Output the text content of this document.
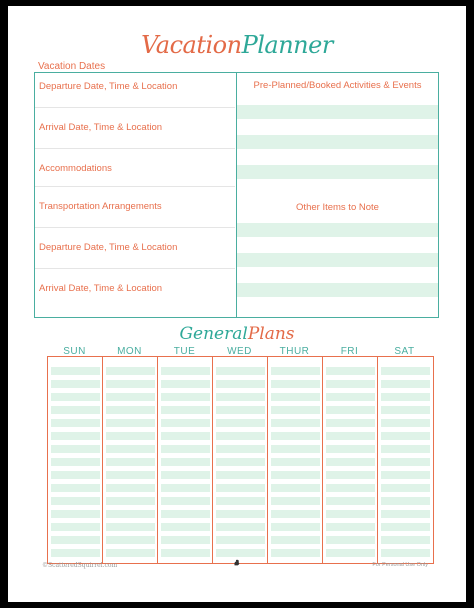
VacationPlanner
Vacation Dates
Departure Date, Time & Location
Arrival Date, Time & Location
Accommodations
Transportation Arrangements
Departure Date, Time & Location
Arrival Date, Time & Location
Pre-Planned/Booked Activities & Events
Other Items to Note
GeneralPlans
SUN	MON	TUE	WED	THUR	FRI	SAT
©ScatteredSquirrel.com	For Personal Use Only
